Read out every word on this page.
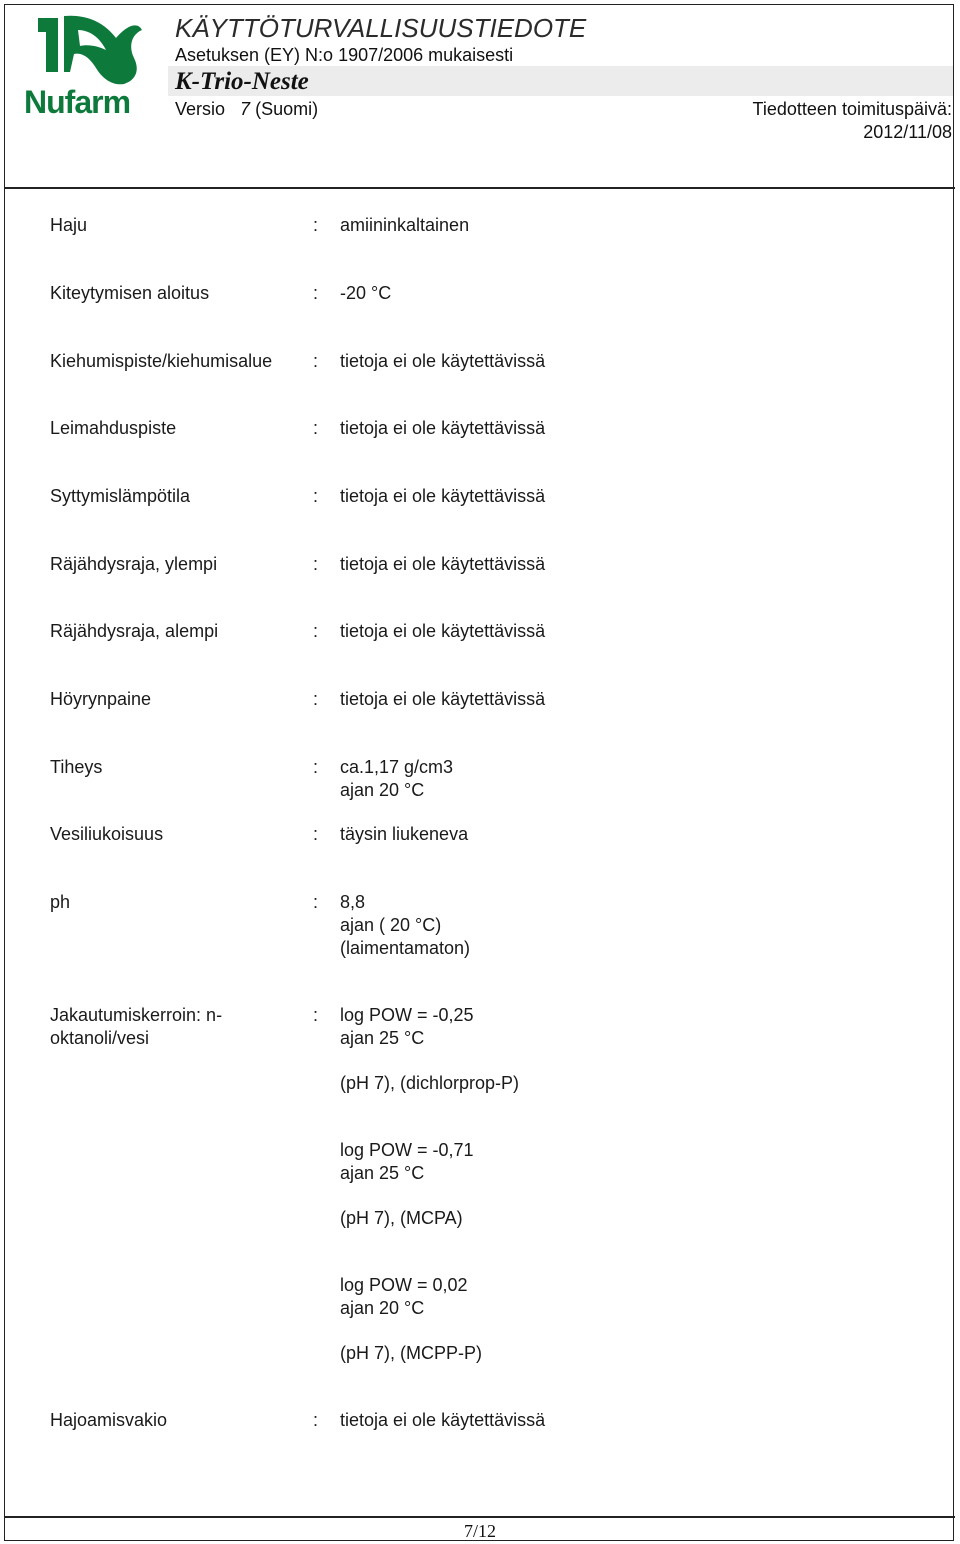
Nufarm
KÄYTTÖTURVALLISUUSTIEDOTE
Asetuksen (EY) N:o 1907/2006 mukaisesti
K-Trio-Neste
Versio 7 (Suomi)	Tiedotteen toimituspäivä:
2012/11/08
Haju	: amiininkaltainen
Kiteytymisen aloitus	: -20 °C
Kiehumispiste/kiehumisalue	: tietoja ei ole käytettävissä
Leimahduspiste	: tietoja ei ole käytettävissä
Syttymislämpötila	: tietoja ei ole käytettävissä
Räjähdysraja, ylempi	: tietoja ei ole käytettävissä
Räjähdysraja, alempi	: tietoja ei ole käytettävissä
Höyrynpaine	: tietoja ei ole käytettävissä
Tiheys	: ca.1,17 g/cm3
ajan 20 °C
Vesiliukoisuus	: täysin liukeneva
ph	: 8,8
ajan ( 20 °C)
(laimentamaton)
Jakautumiskerroin: n-
oktanoli/vesi
: log POW = -0,25
ajan 25 °C
(pH 7), (dichlorprop-P)
log POW = -0,71
ajan 25 °C
(pH 7), (MCPA)
log POW = 0,02
ajan 20 °C
(pH 7), (MCPP-P)
Hajoamisvakio	: tietoja ei ole käytettävissä
7/12
